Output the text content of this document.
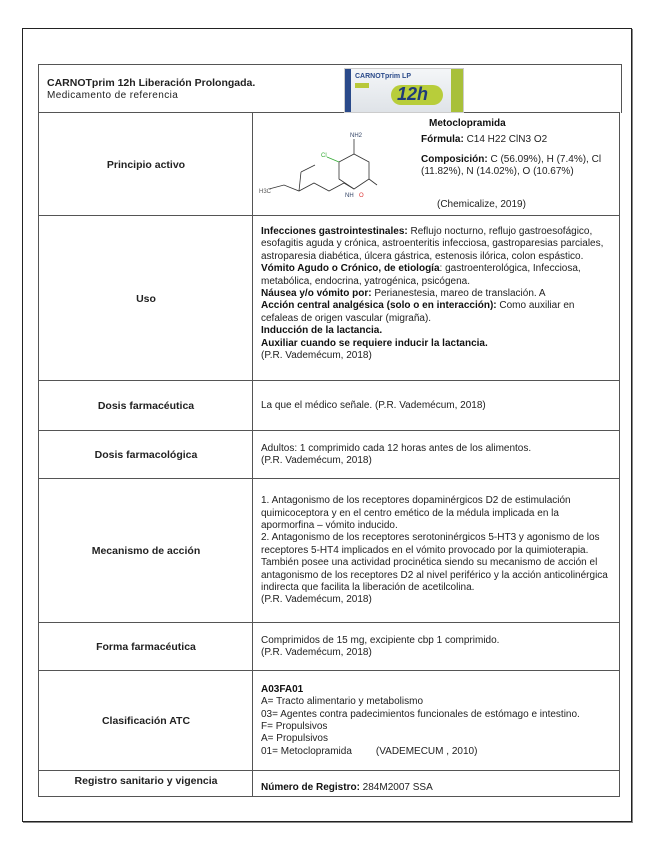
CARNOTprim 12h Liberación Prolongada.
Medicamento de referencia
CARNOTprim LP
12h
Principio activo
NH2
Cl
H3C
NH O
Metoclopramida
Fórmula: C14 H22 ClN3 O2
Composición: C (56.09%), H (7.4%), Cl (11.82%), N (14.02%), O (10.67%)
(Chemicalize, 2019)
Uso
Infecciones gastrointestinales: Reflujo nocturno, reflujo gastroesofágico, esofagitis aguda y crónica, astroenteritis infecciosa, gastroparesias parciales, astroparesia diabética, úlcera gástrica, estenosis ilórica, colon espástico.
Vómito Agudo o Crónico, de etiología: gastroenterológica, Infecciosa, metabólica, endocrina, yatrogénica, psicógena.
Náusea y/o vómito por: Perianestesia, mareo de translación. A
Acción central analgésica (solo o en interacción): Como auxiliar en cefaleas de origen vascular (migraña).
Inducción de la lactancia.
Auxiliar cuando se requiere inducir la lactancia.
(P.R. Vademécum, 2018)
Dosis farmacéutica	La que el médico señale. (P.R. Vademécum, 2018)
Dosis farmacológica
Adultos: 1 comprimido cada 12 horas antes de los alimentos.
(P.R. Vademécum, 2018)
Mecanismo de acción
1. Antagonismo de los receptores dopaminérgicos D2 de estimulación quimicoceptora y en el centro emético de la médula implicada en la apormorfina – vómito inducido.
2. Antagonismo de los receptores serotoninérgicos 5-HT3 y agonismo de los receptores 5-HT4 implicados en el vómito provocado por la quimioterapia.
También posee una actividad procinética siendo su mecanismo de acción el antagonismo de los receptores D2 al nivel periférico y la acción anticolinérgica indirecta que facilita la liberación de acetilcolina.
(P.R. Vademécum, 2018)
Forma farmacéutica
Comprimidos de 15 mg, excipiente cbp 1 comprimido.
(P.R. Vademécum, 2018)
Clasificación ATC
A03FA01
A= Tracto alimentario y metabolismo
03= Agentes contra padecimientos funcionales de estómago e intestino.
F= Propulsivos
A= Propulsivos
01= Metoclopramida (VADEMECUM , 2010)
Registro sanitario y vigencia
Número de Registro: 284M2007 SSA
